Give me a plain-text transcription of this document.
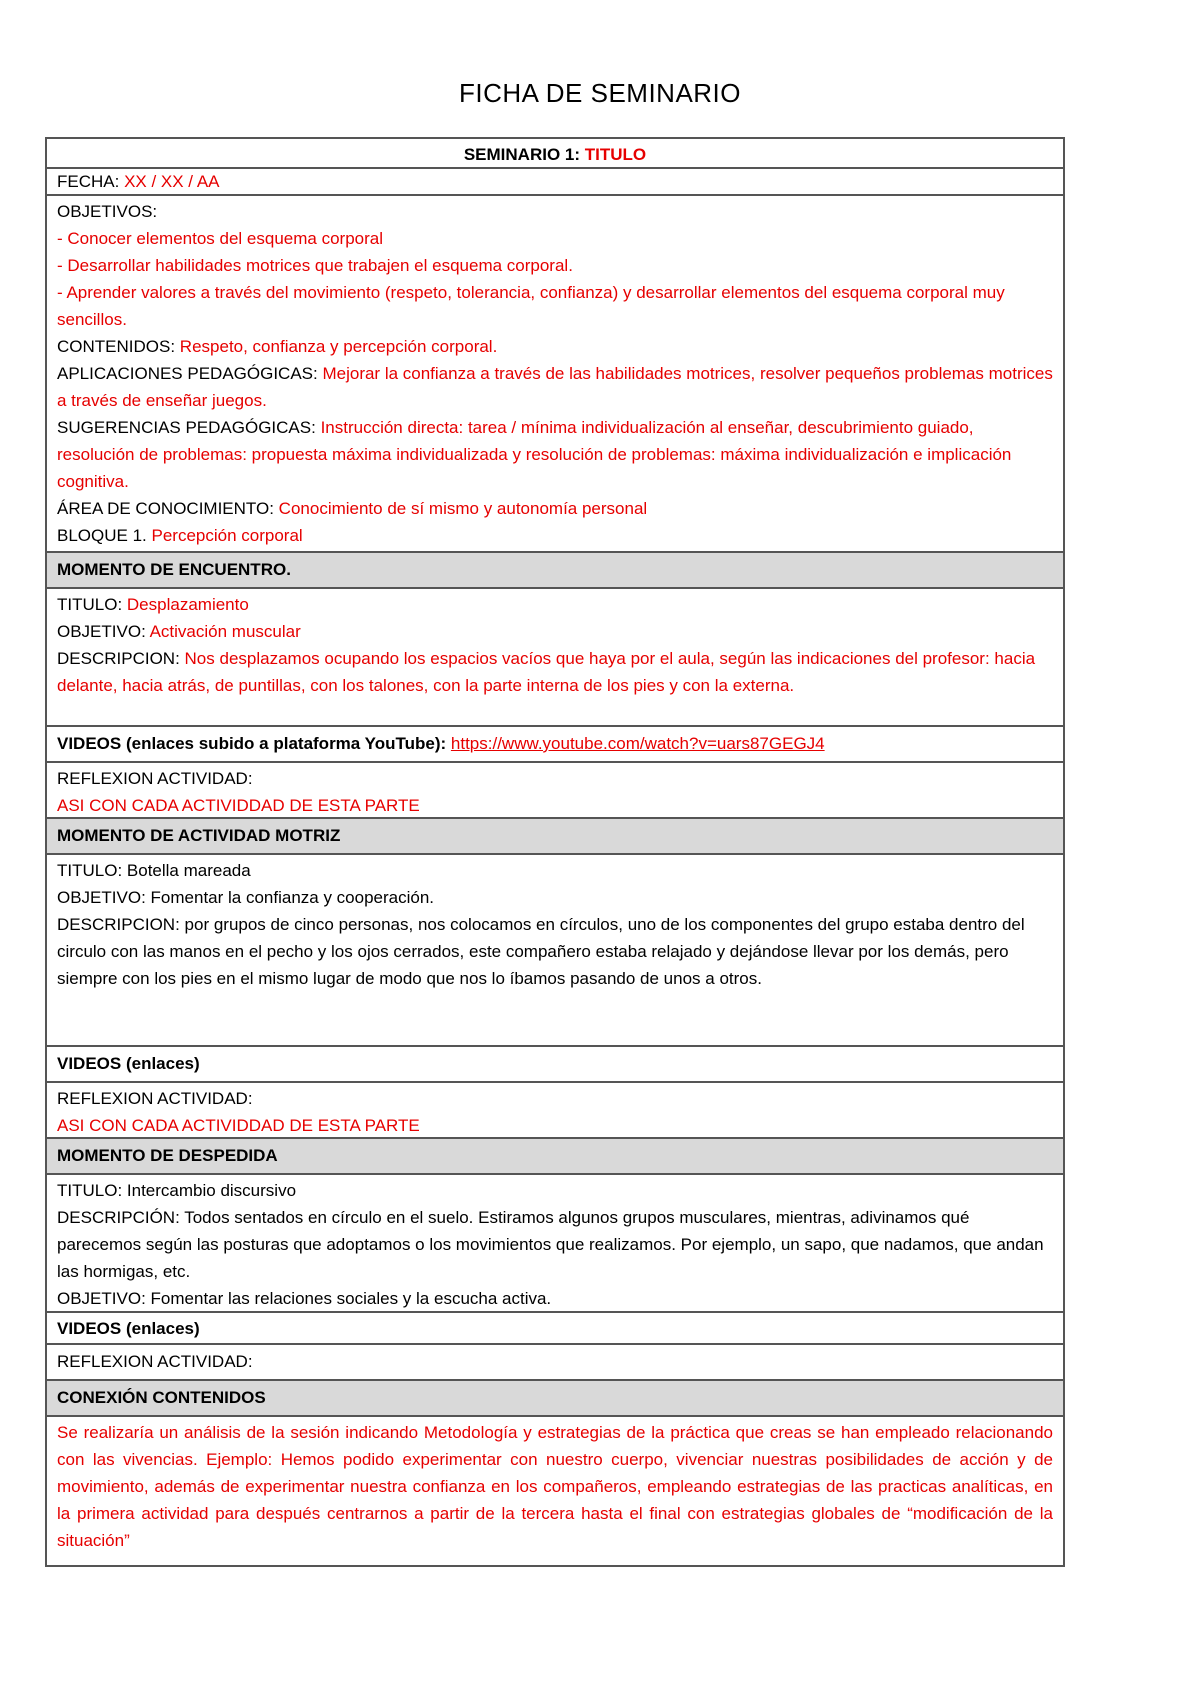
FICHA DE SEMINARIO
SEMINARIO 1: TITULO
FECHA: XX / XX / AA
OBJETIVOS:
- Conocer elementos del esquema corporal
- Desarrollar habilidades motrices que trabajen el esquema corporal.
- Aprender valores a través del movimiento (respeto, tolerancia, confianza) y desarrollar elementos del esquema corporal muy sencillos.
CONTENIDOS: Respeto, confianza y percepción corporal.
APLICACIONES PEDAGÓGICAS: Mejorar la confianza a través de las habilidades motrices, resolver pequeños problemas motrices a través de enseñar juegos.
SUGERENCIAS PEDAGÓGICAS: Instrucción directa: tarea / mínima individualización al enseñar, descubrimiento guiado, resolución de problemas: propuesta máxima individualizada y resolución de problemas: máxima individualización e implicación cognitiva.
ÁREA DE CONOCIMIENTO: Conocimiento de sí mismo y autonomía personal
BLOQUE 1. Percepción corporal
MOMENTO DE ENCUENTRO.
TITULO: Desplazamiento
OBJETIVO: Activación muscular
DESCRIPCION: Nos desplazamos ocupando los espacios vacíos que haya por el aula, según las indicaciones del profesor: hacia delante, hacia atrás, de puntillas, con los talones, con la parte interna de los pies y con la externa.
VIDEOS (enlaces subido a plataforma YouTube): https://www.youtube.com/watch?v=uars87GEGJ4
REFLEXION ACTIVIDAD:
ASI CON CADA ACTIVIDDAD DE ESTA PARTE
MOMENTO DE ACTIVIDAD MOTRIZ
TITULO: Botella mareada
OBJETIVO: Fomentar la confianza y cooperación.
DESCRIPCION: por grupos de cinco personas, nos colocamos en círculos, uno de los componentes del grupo estaba dentro del circulo con las manos en el pecho y los ojos cerrados, este compañero estaba relajado y dejándose llevar por los demás, pero siempre con los pies en el mismo lugar de modo que nos lo íbamos pasando de unos a otros.
VIDEOS (enlaces)
REFLEXION ACTIVIDAD:
ASI CON CADA ACTIVIDDAD DE ESTA PARTE
MOMENTO DE DESPEDIDA
TITULO: Intercambio discursivo
DESCRIPCIÓN: Todos sentados en círculo en el suelo. Estiramos algunos grupos musculares, mientras, adivinamos qué parecemos según las posturas que adoptamos o los movimientos que realizamos. Por ejemplo, un sapo, que nadamos, que andan las hormigas, etc.
OBJETIVO: Fomentar las relaciones sociales y la escucha activa.
VIDEOS (enlaces)
REFLEXION ACTIVIDAD:
CONEXIÓN CONTENIDOS
Se realizaría un análisis de la sesión indicando Metodología y estrategias de la práctica que creas se han empleado relacionando con las vivencias. Ejemplo: Hemos podido experimentar con nuestro cuerpo, vivenciar nuestras posibilidades de acción y de movimiento, además de experimentar nuestra confianza en los compañeros, empleando estrategias de las practicas analíticas, en la primera actividad para después centrarnos a partir de la tercera hasta el final con estrategias globales de “modificación de la situación”
